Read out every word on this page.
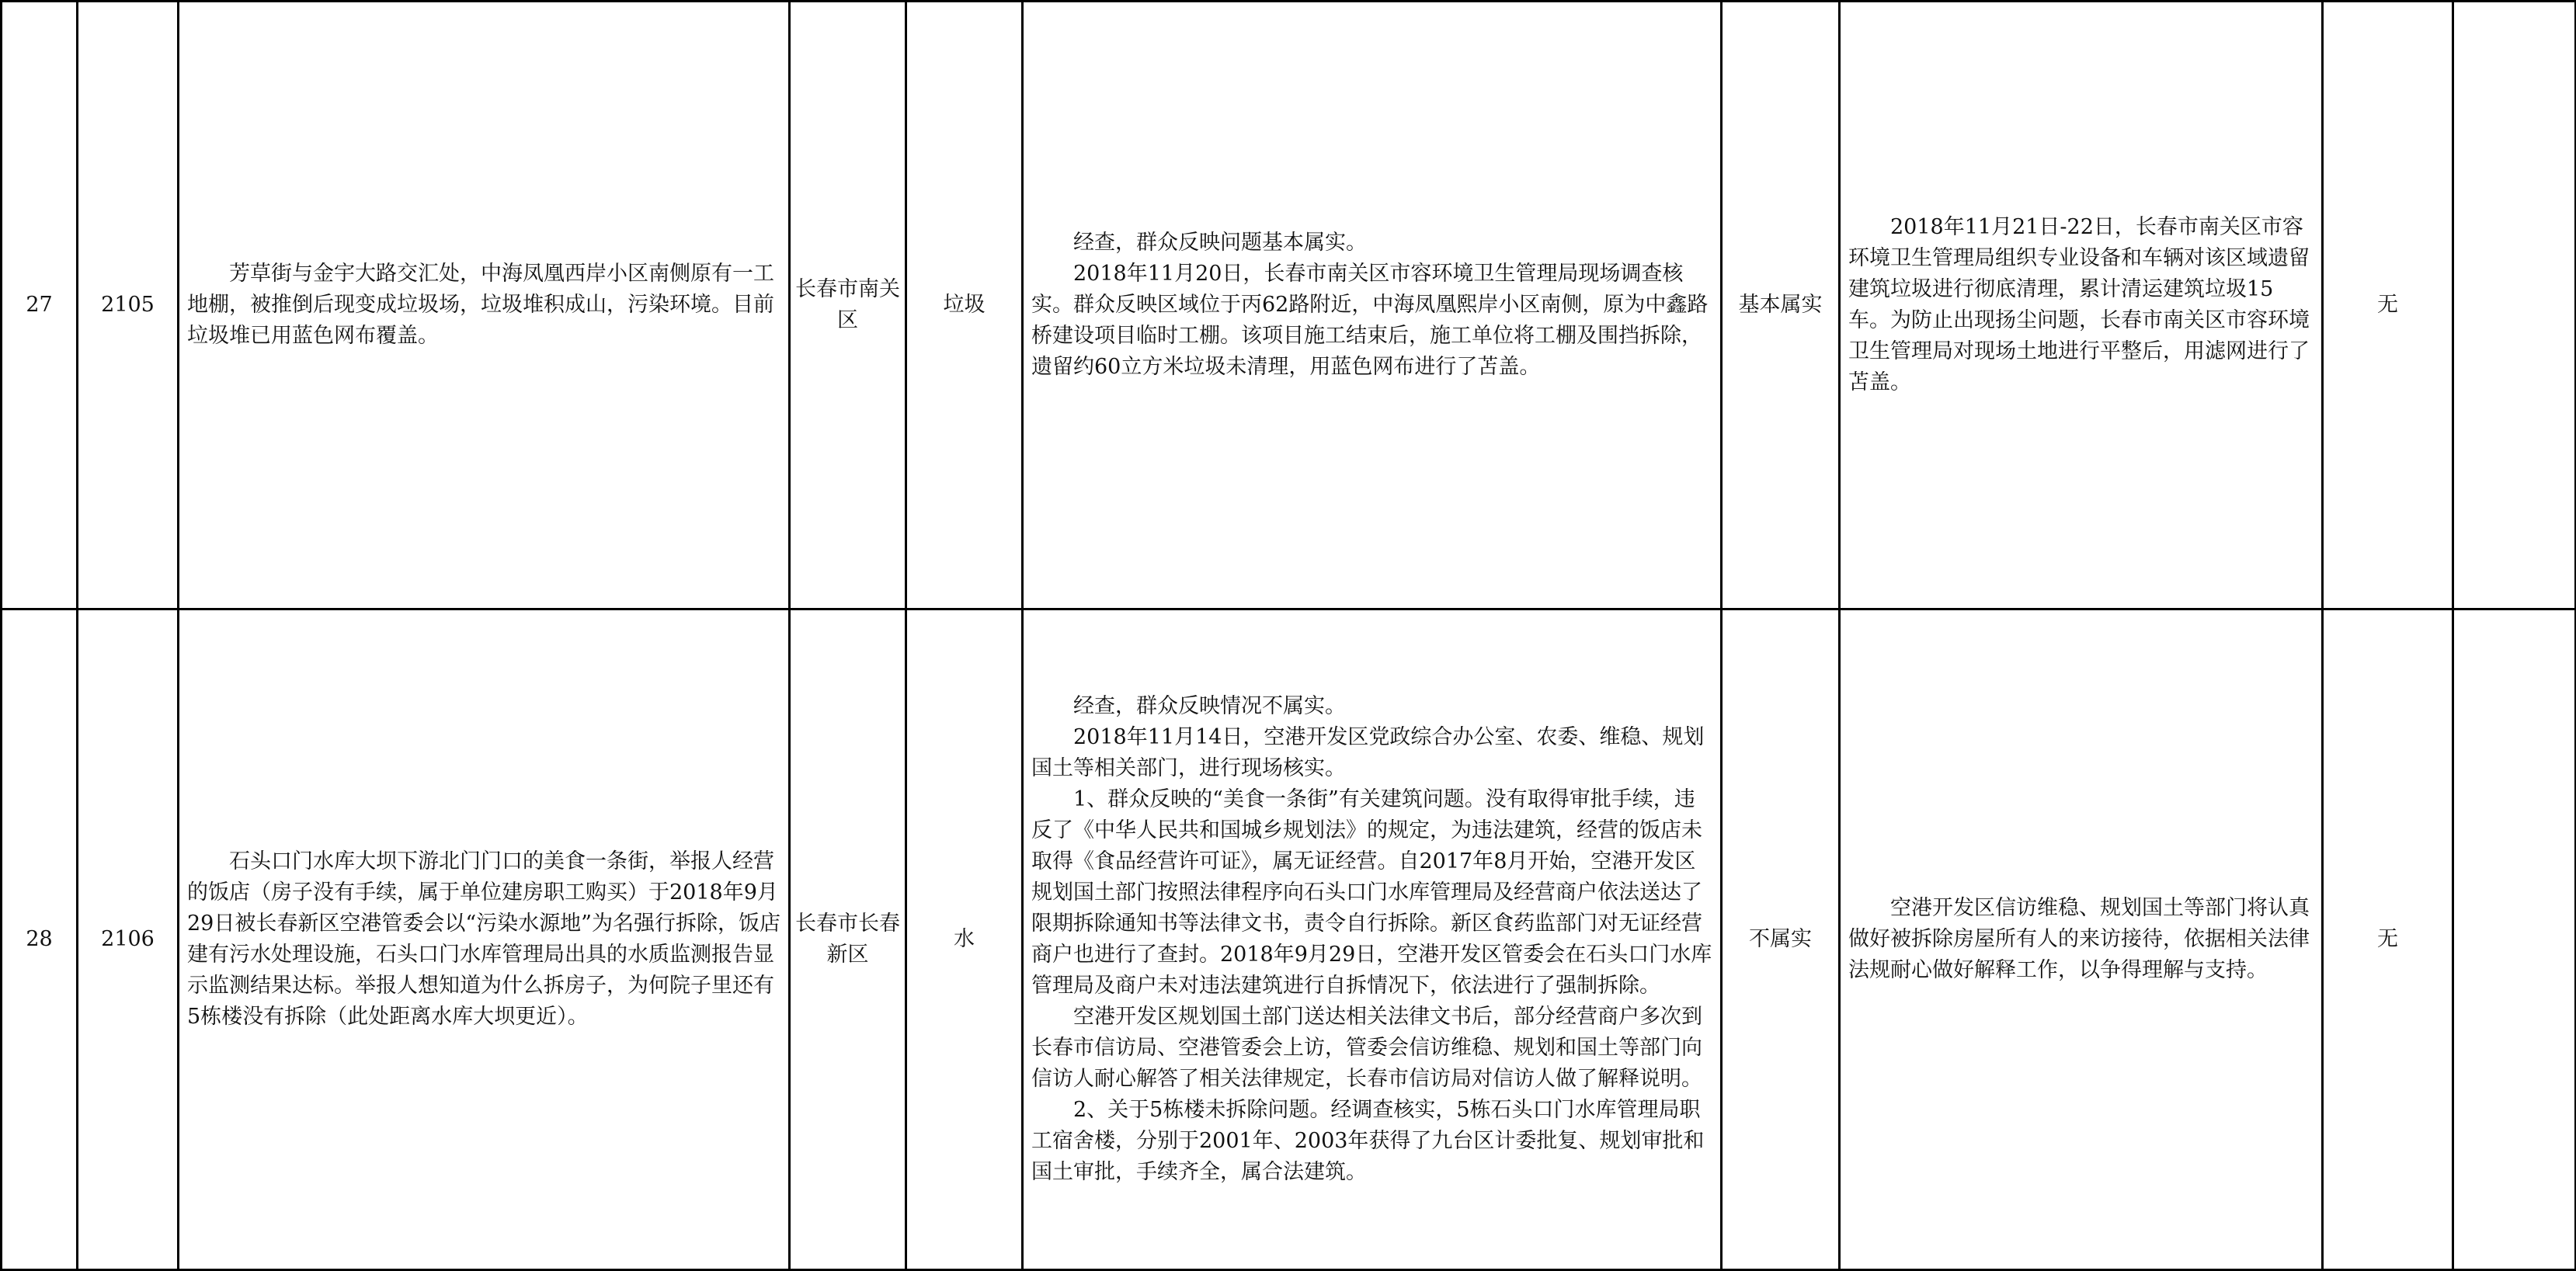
27	2105	芳草街与金宇大路交汇处，中海凤凰西岸小区南侧原有一工地棚，被推倒后现变成垃圾场，垃圾堆积成山，污染环境。目前垃圾堆已用蓝色网布覆盖。	长春市南关区	垃圾	经查，群众反映问题基本属实。
2018年11月20日，长春市南关区市容环境卫生管理局现场调查核实。群众反映区域位于丙62路附近，中海凤凰熙岸小区南侧，原为中鑫路桥建设项目临时工棚。该项目施工结束后，施工单位将工棚及围挡拆除，遗留约60立方米垃圾未清理，用蓝色网布进行了苫盖。	基本属实	2018年11月21日-22日，长春市南关区市容环境卫生管理局组织专业设备和车辆对该区域遗留建筑垃圾进行彻底清理，累计清运建筑垃圾15车。为防止出现扬尘问题，长春市南关区市容环境卫生管理局对现场土地进行平整后，用滤网进行了苫盖。	无	
28	2106	石头口门水库大坝下游北门门口的美食一条街，举报人经营的饭店（房子没有手续，属于单位建房职工购买）于2018年9月29日被长春新区空港管委会以“污染水源地”为名强行拆除，饭店建有污水处理设施，石头口门水库管理局出具的水质监测报告显示监测结果达标。举报人想知道为什么拆房子，为何院子里还有5栋楼没有拆除（此处距离水库大坝更近）。	长春市长春新区	水	经查，群众反映情况不属实。
2018年11月14日，空港开发区党政综合办公室、农委、维稳、规划国土等相关部门，进行现场核实。
1、群众反映的“美食一条街”有关建筑问题。没有取得审批手续，违反了《中华人民共和国城乡规划法》的规定，为违法建筑，经营的饭店未取得《食品经营许可证》，属无证经营。自2017年8月开始，空港开发区规划国土部门按照法律程序向石头口门水库管理局及经营商户依法送达了限期拆除通知书等法律文书，责令自行拆除。新区食药监部门对无证经营商户也进行了查封。2018年9月29日，空港开发区管委会在石头口门水库管理局及商户未对违法建筑进行自拆情况下，依法进行了强制拆除。
空港开发区规划国土部门送达相关法律文书后，部分经营商户多次到长春市信访局、空港管委会上访，管委会信访维稳、规划和国土等部门向信访人耐心解答了相关法律规定，长春市信访局对信访人做了解释说明。
2、关于5栋楼未拆除问题。经调查核实，5栋石头口门水库管理局职工宿舍楼，分别于2001年、2003年获得了九台区计委批复、规划审批和国土审批，手续齐全，属合法建筑。	不属实	空港开发区信访维稳、规划国土等部门将认真做好被拆除房屋所有人的来访接待，依据相关法律法规耐心做好解释工作，以争得理解与支持。	无	
